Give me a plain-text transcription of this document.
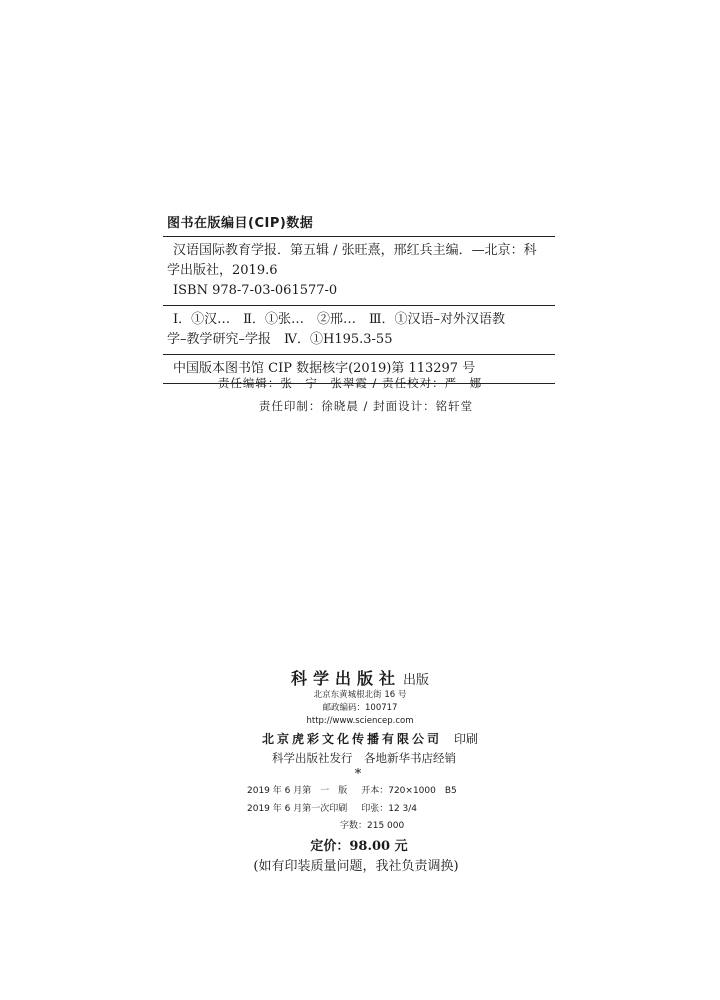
图书在版编目(CIP)数据
汉语国际教育学报．第五辑 / 张旺熹，邢红兵主编．—北京：科
学出版社，2019.6
ISBN 978-7-03-061577-0
Ⅰ．①汉…　Ⅱ．①张…　②邢…　Ⅲ．①汉语–对外汉语教
学–教学研究–学报　Ⅳ．①H195.3-55
中国版本图书馆 CIP 数据核字(2019)第 113297 号
责任编辑：张　宁　张翠霞 / 责任校对：严　娜
责任印制：徐晓晨 / 封面设计：铭轩堂
科学出版社 出版
北京东黄城根北街 16 号
邮政编码：100717
http://www.sciencep.com
北京虎彩文化传播有限公司 印刷
科学出版社发行　各地新华书店经销
*
2019 年 6 月第　一　版 开本：720×1000　B5
2019 年 6 月第一次印刷 印张：12 3/4
字数：215 000
定价：98.00 元
(如有印装质量问题，我社负责调换)
